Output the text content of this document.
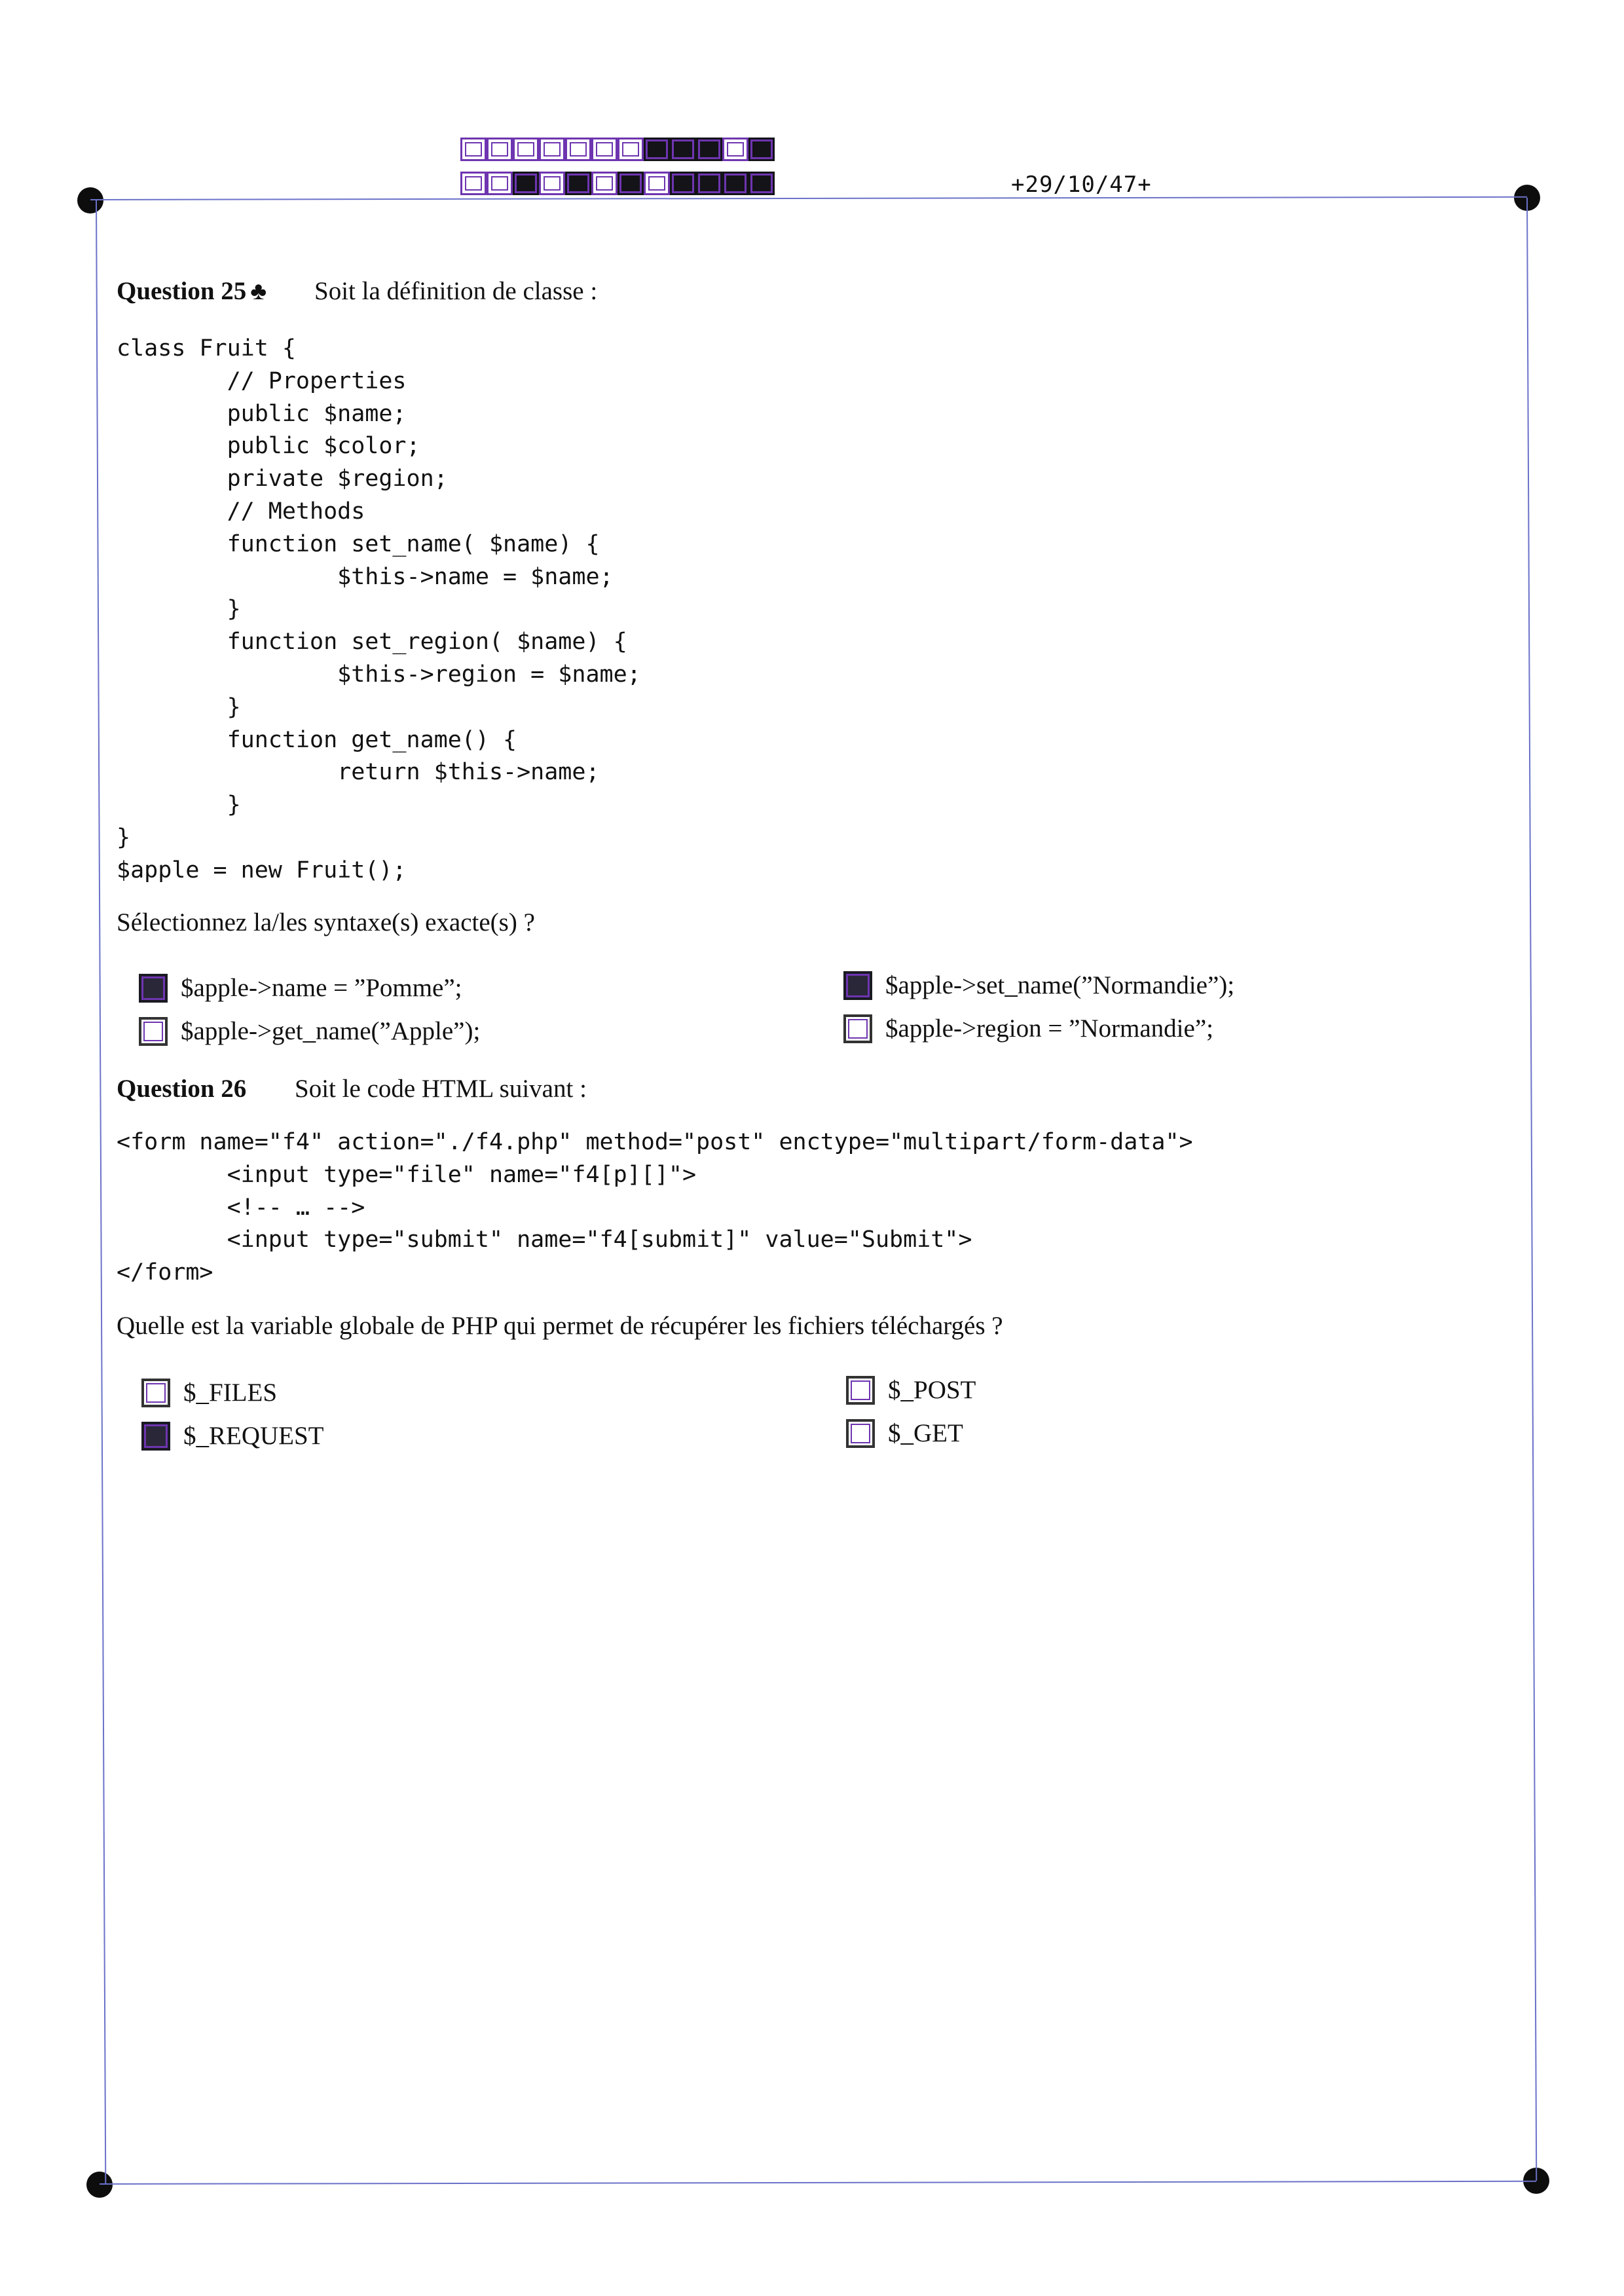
+29/10/47+
Question 25 ♣ Soit la définition de classe :
class Fruit {
// Properties
public $name;
public $color;
private $region;
// Methods
function set_name( $name) {
$this->name = $name;
}
function set_region( $name) {
$this->region = $name;
}
function get_name() {
return $this->name;
}
}
$apple = new Fruit();
Sélectionnez la/les syntaxe(s) exacte(s) ?
$apple->name = ”Pomme”;	$apple->set_name(”Normandie”);
$apple->get_name(”Apple”);	$apple->region = ”Normandie”;
Question 26 Soit le code HTML suivant :
<form name="f4" action="./f4.php" method="post" enctype="multipart/form-data">
<input type="file" name="f4[p][]">
<!-- … -->
<input type="submit" name="f4[submit]" value="Submit">
</form>
Quelle est la variable globale de PHP qui permet de récupérer les fichiers téléchargés ?
$_FILES	$_POST
$_REQUEST	$_GET
